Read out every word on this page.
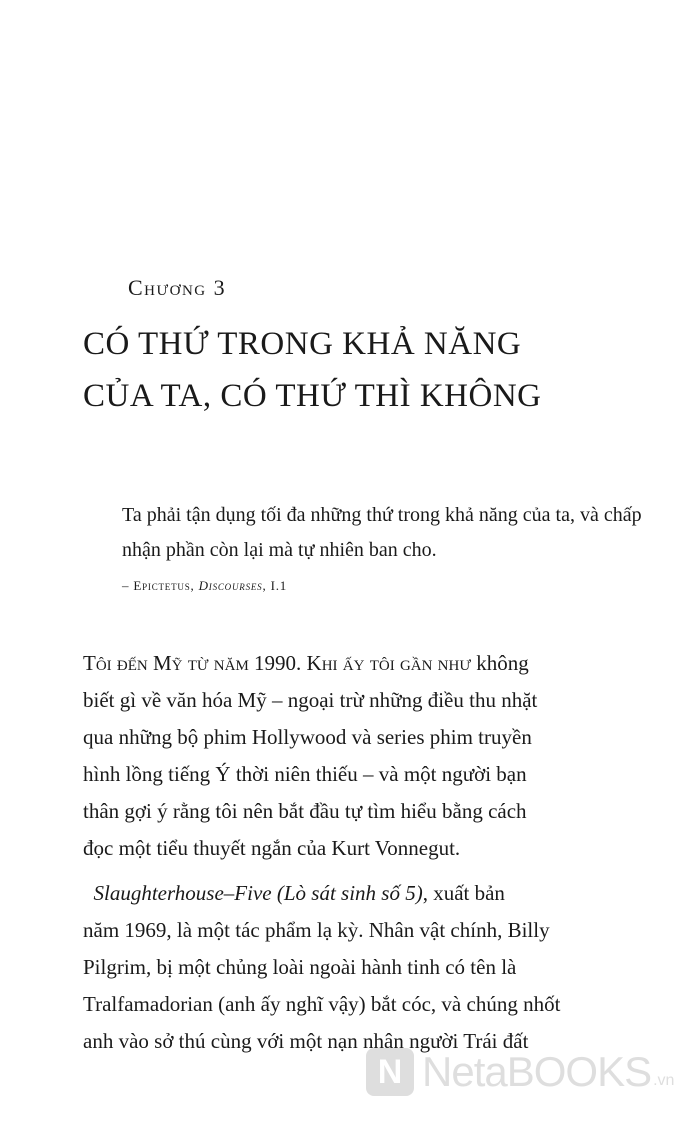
Chương 3
CÓ THỨ TRONG KHẢ NĂNG
CỦA TA, CÓ THỨ THÌ KHÔNG
Ta phải tận dụng tối đa những thứ trong khả năng của ta, và chấp nhận phần còn lại mà tự nhiên ban cho.
– Epictetus, Discourses, I.1
Tôi đến Mỹ từ năm 1990. Khi ấy tôi gần như không
biết gì về văn hóa Mỹ – ngoại trừ những điều thu nhặt
qua những bộ phim Hollywood và series phim truyền
hình lồng tiếng Ý thời niên thiếu – và một người bạn
thân gợi ý rằng tôi nên bắt đầu tự tìm hiểu bằng cách
đọc một tiểu thuyết ngắn của Kurt Vonnegut.
Slaughterhouse–Five (Lò sát sinh số 5), xuất bản
năm 1969, là một tác phẩm lạ kỳ. Nhân vật chính, Billy
Pilgrim, bị một chủng loài ngoài hành tinh có tên là
Tralfamadorian (anh ấy nghĩ vậy) bắt cóc, và chúng nhốt
anh vào sở thú cùng với một nạn nhân người Trái đất
N NetaBOOKS .vn
